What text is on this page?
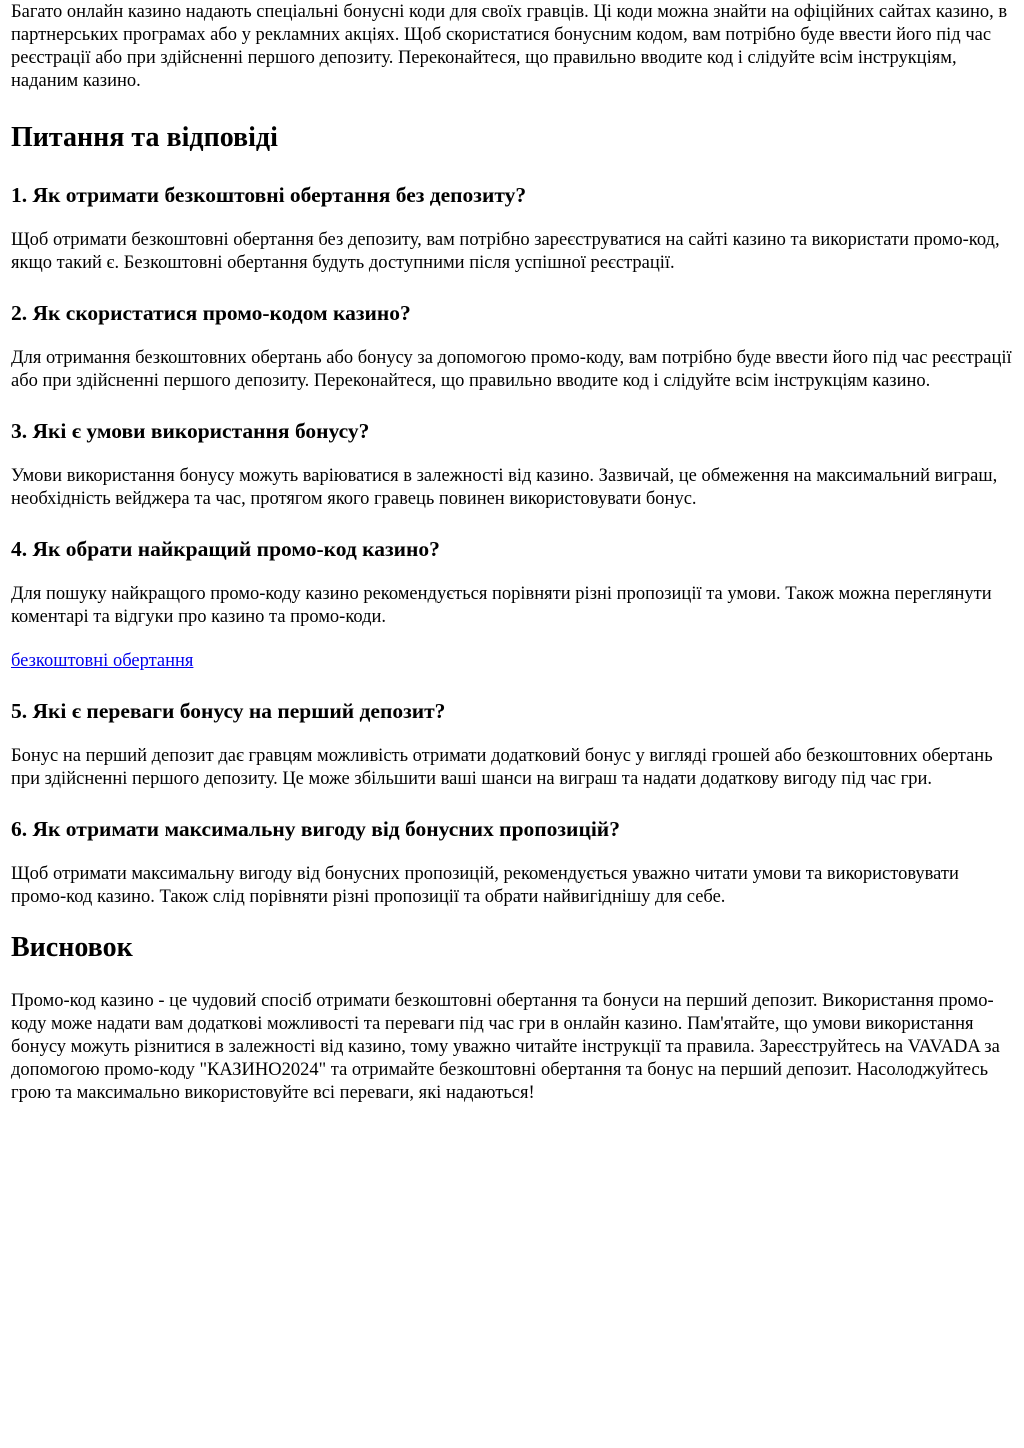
Багато онлайн казино надають спеціальні бонусні коди для своїх гравців. Ці коди можна знайти на офіційних сайтах казино, в партнерських програмах або у рекламних акціях. Щоб скористатися бонусним кодом, вам потрібно буде ввести його під час реєстрації або при здійсненні першого депозиту. Переконайтеся, що правильно вводите код і слідуйте всім інструкціям, наданим казино.

Питання та відповіді
1. Як отримати безкоштовні обертання без депозиту?

Щоб отримати безкоштовні обертання без депозиту, вам потрібно зареєструватися на сайті казино та використати промо-код, якщо такий є. Безкоштовні обертання будуть доступними після успішної реєстрації.

2. Як скористатися промо-кодом казино?

Для отримання безкоштовних обертань або бонусу за допомогою промо-коду, вам потрібно буде ввести його під час реєстрації або при здійсненні першого депозиту. Переконайтеся, що правильно вводите код і слідуйте всім інструкціям казино.

3. Які є умови використання бонусу?

Умови використання бонусу можуть варіюватися в залежності від казино. Зазвичай, це обмеження на максимальний виграш, необхідність вейджера та час, протягом якого гравець повинен використовувати бонус.

4. Як обрати найкращий промо-код казино?

Для пошуку найкращого промо-коду казино рекомендується порівняти різні пропозиції та умови. Також можна переглянути коментарі та відгуки про казино та промо-коди.

безкоштовні обертання

5. Які є переваги бонусу на перший депозит?

Бонус на перший депозит дає гравцям можливість отримати додатковий бонус у вигляді грошей або безкоштовних обертань при здійсненні першого депозиту. Це може збільшити ваші шанси на виграш та надати додаткову вигоду під час гри.

6. Як отримати максимальну вигоду від бонусних пропозицій?

Щоб отримати максимальну вигоду від бонусних пропозицій, рекомендується уважно читати умови та використовувати промо-код казино. Також слід порівняти різні пропозиції та обрати найвигіднішу для себе.

Висновок

Промо-код казино - це чудовий спосіб отримати безкоштовні обертання та бонуси на перший депозит. Використання промо-коду може надати вам додаткові можливості та переваги під час гри в онлайн казино. Пам'ятайте, що умови використання бонусу можуть різнитися в залежності від казино, тому уважно читайте інструкції та правила. Зареєструйтесь на VAVADA за допомогою промо-коду "КАЗИНО2024" та отримайте безкоштовні обертання та бонус на перший депозит. Насолоджуйтесь грою та максимально використовуйте всі переваги, які надаються!
